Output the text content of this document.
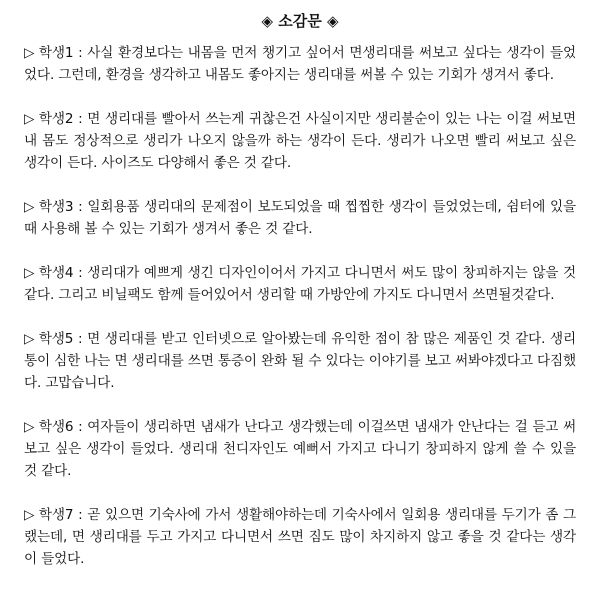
◈ 소감문 ◈

▷ 학생1 : 사실 환경보다는 내몸을 먼저 챙기고 싶어서 면생리대를 써보고 싶다는 생각이 들었었다. 그런데, 환경을 생각하고 내몸도 좋아지는 생리대를 써볼 수 있는 기회가 생겨서 좋다.

▷ 학생2 : 면 생리대를 빨아서 쓰는게 귀찮은건 사실이지만 생리불순이 있는 나는 이걸 써보면 내 몸도 정상적으로 생리가 나오지 않을까 하는 생각이 든다. 생리가 나오면 빨리 써보고 싶은 생각이 든다. 사이즈도 다양해서 좋은 것 같다.

▷ 학생3 : 일회용품 생리대의 문제점이 보도되었을 때 찝찝한 생각이 들었었는데, 쉼터에 있을 때 사용해 볼 수 있는 기회가 생겨서 좋은 것 같다.

▷ 학생4 : 생리대가 예쁘게 생긴 디자인이어서 가지고 다니면서 써도 많이 창피하지는 않을 것 같다. 그리고 비닐팩도 함께 들어있어서 생리할 때 가방안에 가지도 다니면서 쓰면될것같다.

▷ 학생5 : 면 생리대를 받고 인터넷으로 알아봤는데 유익한 점이 참 많은 제품인 것 같다. 생리통이 심한 나는 면 생리대를 쓰면 통증이 완화 될 수 있다는 이야기를 보고 써봐야겠다고 다짐했다. 고맙습니다.

▷ 학생6 : 여자들이 생리하면 냄새가 난다고 생각했는데 이걸쓰면 냄새가 안난다는 걸 듣고 써보고 싶은 생각이 들었다. 생리대 천디자인도 예뻐서 가지고 다니기 창피하지 않게 쓸 수 있을 것 같다.

▷ 학생7 : 곧 있으면 기숙사에 가서 생활해야하는데 기숙사에서 일회용 생리대를 두기가 좀 그랬는데, 면 생리대를 두고 가지고 다니면서 쓰면 짐도 많이 차지하지 않고 좋을 것 같다는 생각이 들었다.
